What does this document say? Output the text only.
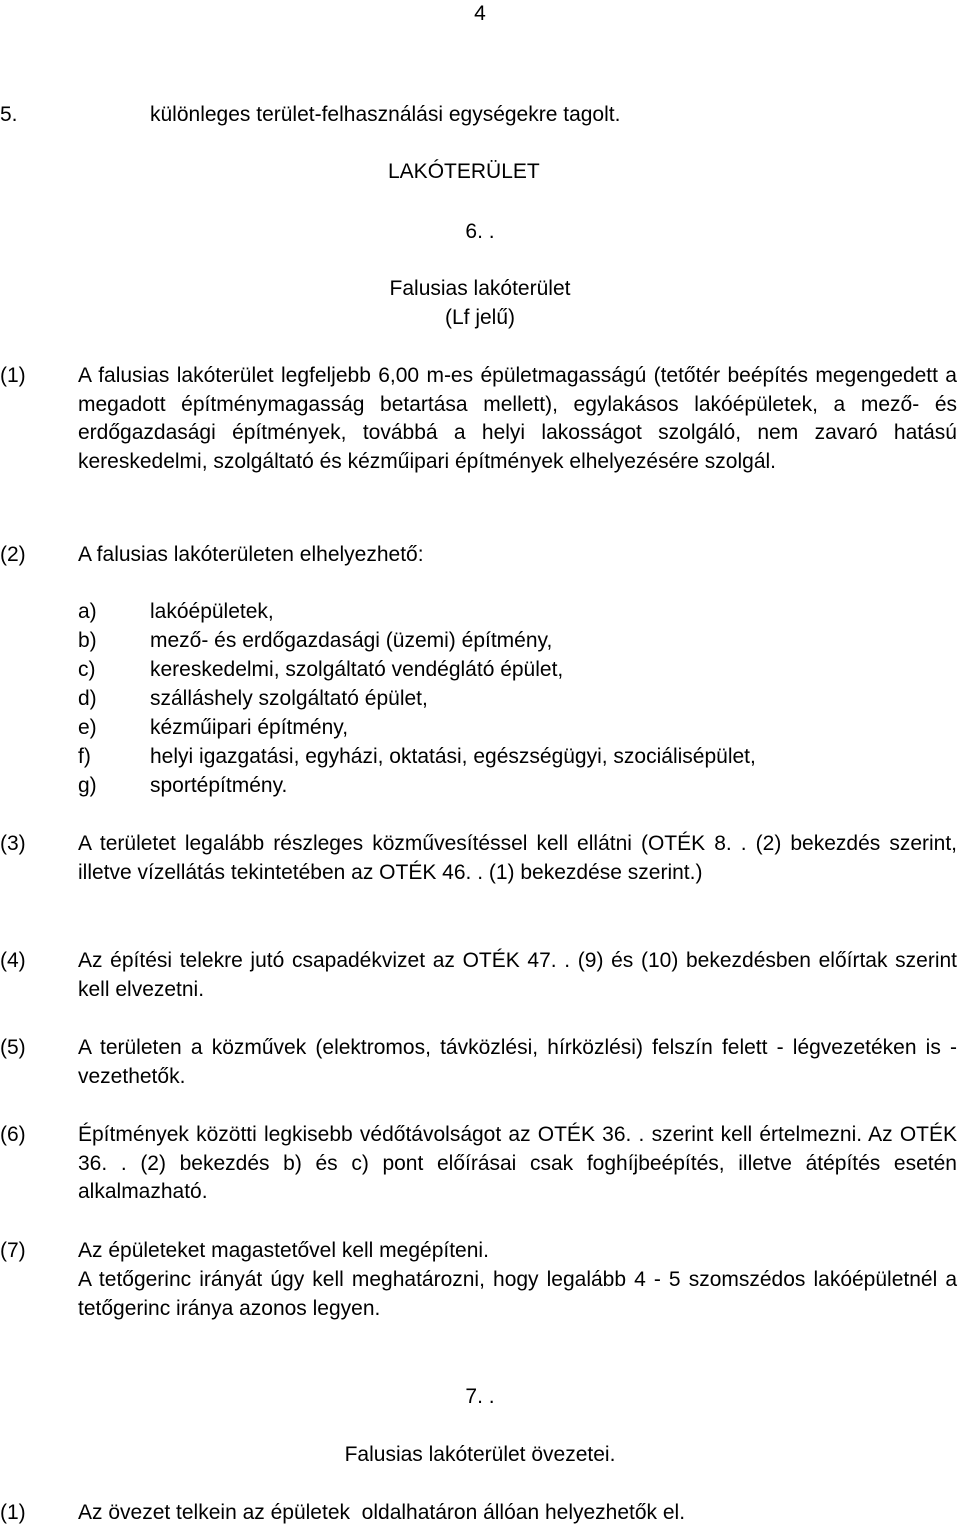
4
5.	különleges terület-felhasználási egységekre tagolt.
LAKÓTERÜLET
6. .
Falusias lakóterület
(Lf jelű)
(1)	A falusias lakóterület legfeljebb 6,00 m-es épületmagasságú (tetőtér beépítés megengedett a megadott építménymagasság betartása mellett), egylakásos lakóépületek, a mező- és erdőgazdasági építmények, továbbá a helyi lakosságot szolgáló, nem zavaró hatású kereskedelmi, szolgáltató és kézműipari építmények elhelyezésére szolgál.
(2)	A falusias lakóterületen elhelyezhető:
a)	lakóépületek,
b)	mező- és erdőgazdasági (üzemi) építmény,
c)	kereskedelmi, szolgáltató vendéglátó épület,
d)	szálláshely szolgáltató épület,
e)	kézműipari építmény,
f)	helyi igazgatási, egyházi, oktatási, egészségügyi, szociálisépület,
g)	sportépítmény.
(3)	A területet legalább részleges közművesítéssel kell ellátni (OTÉK 8. . (2) bekezdés szerint, illetve vízellátás tekintetében az OTÉK 46. . (1) bekezdése szerint.)
(4)	Az építési telekre jutó csapadékvizet az OTÉK 47. . (9) és (10) bekezdésben előírtak szerint kell elvezetni.
(5)	A területen a közművek (elektromos, távközlési, hírközlési) felszín felett - légvezetéken is - vezethetők.
(6)	Építmények közötti legkisebb védőtávolságot az OTÉK 36. . szerint kell értelmezni. Az OTÉK 36. . (2) bekezdés b) és c) pont előírásai csak foghíjbeépítés, illetve átépítés esetén alkalmazható.
(7)	Az épületeket magastetővel kell megépíteni.
A tetőgerinc irányát úgy kell meghatározni, hogy legalább 4 - 5 szomszédos lakóépületnél a tetőgerinc iránya azonos legyen.
7. .
Falusias lakóterület övezetei.
(1)	Az övezet telkein az épületek  oldalhatáron állóan helyezhetők el.
